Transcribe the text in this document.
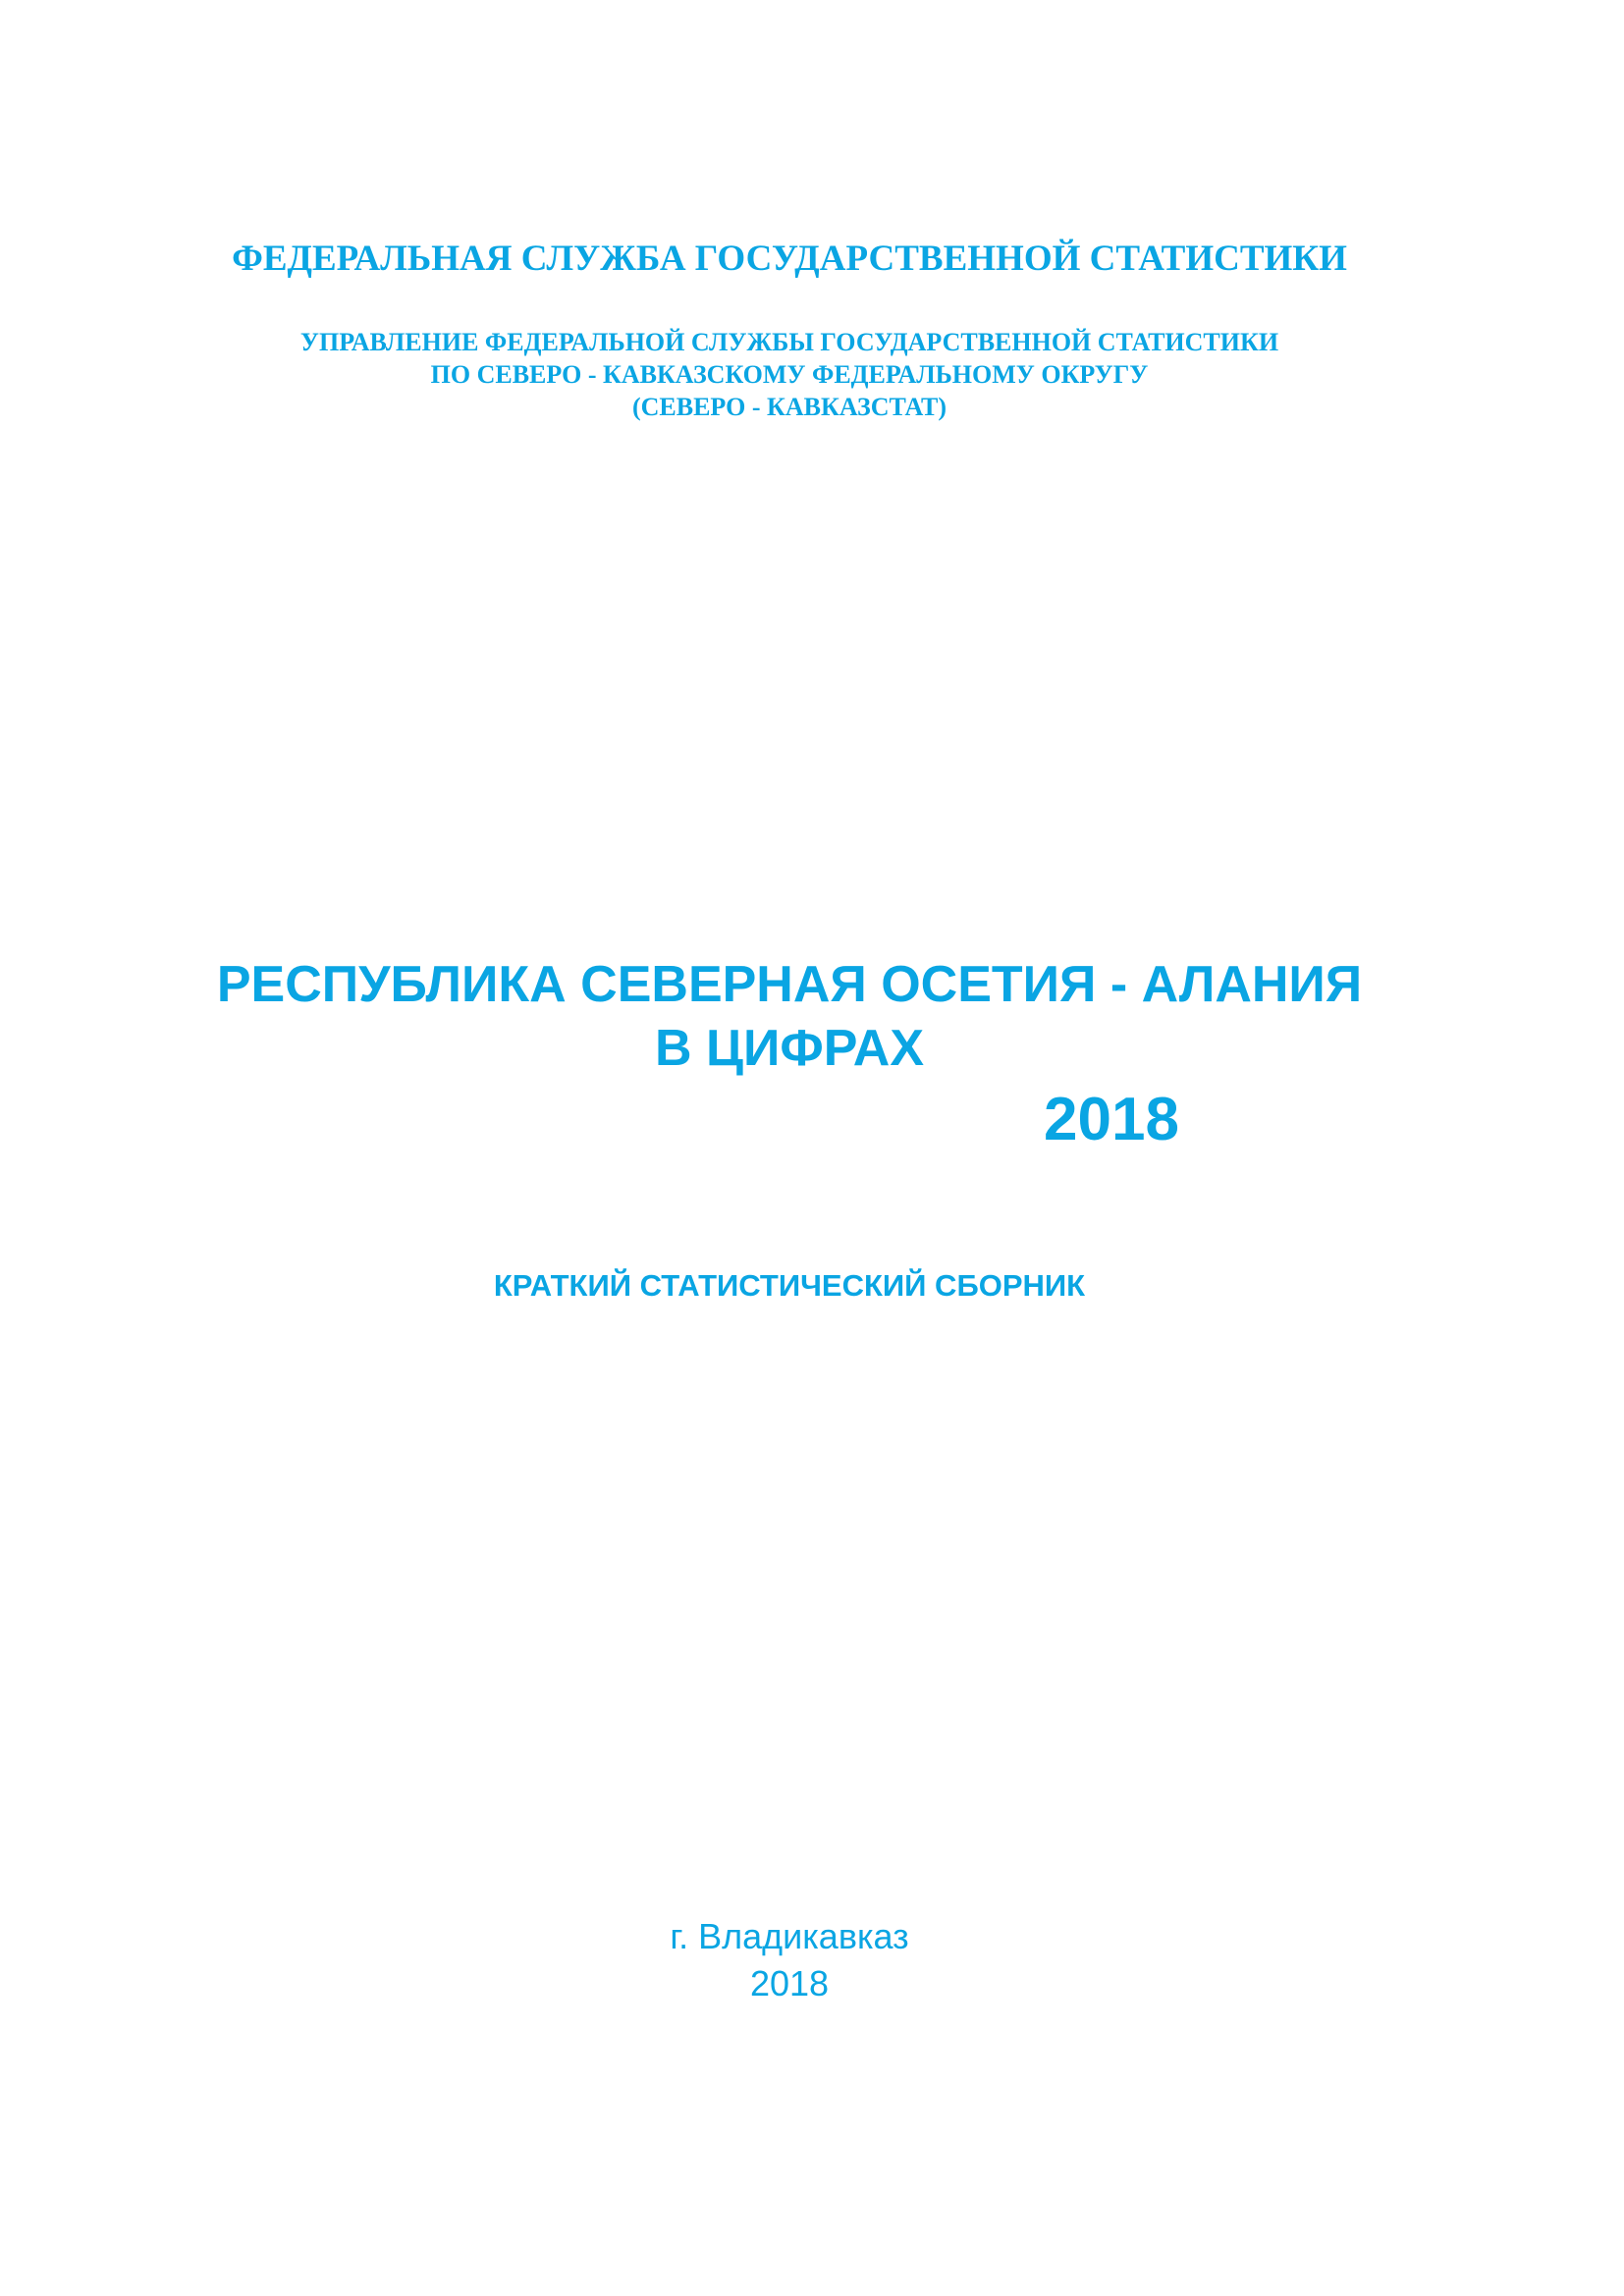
ФЕДЕРАЛЬНАЯ СЛУЖБА ГОСУДАРСТВЕННОЙ СТАТИСТИКИ
УПРАВЛЕНИЕ ФЕДЕРАЛЬНОЙ СЛУЖБЫ ГОСУДАРСТВЕННОЙ СТАТИСТИКИ
ПО СЕВЕРО - КАВКАЗСКОМУ ФЕДЕРАЛЬНОМУ ОКРУГУ
(СЕВЕРО - КАВКАЗСТАТ)
РЕСПУБЛИКА СЕВЕРНАЯ ОСЕТИЯ - АЛАНИЯ
В ЦИФРАХ
2018
КРАТКИЙ СТАТИСТИЧЕСКИЙ СБОРНИК
г. Владикавказ
2018
